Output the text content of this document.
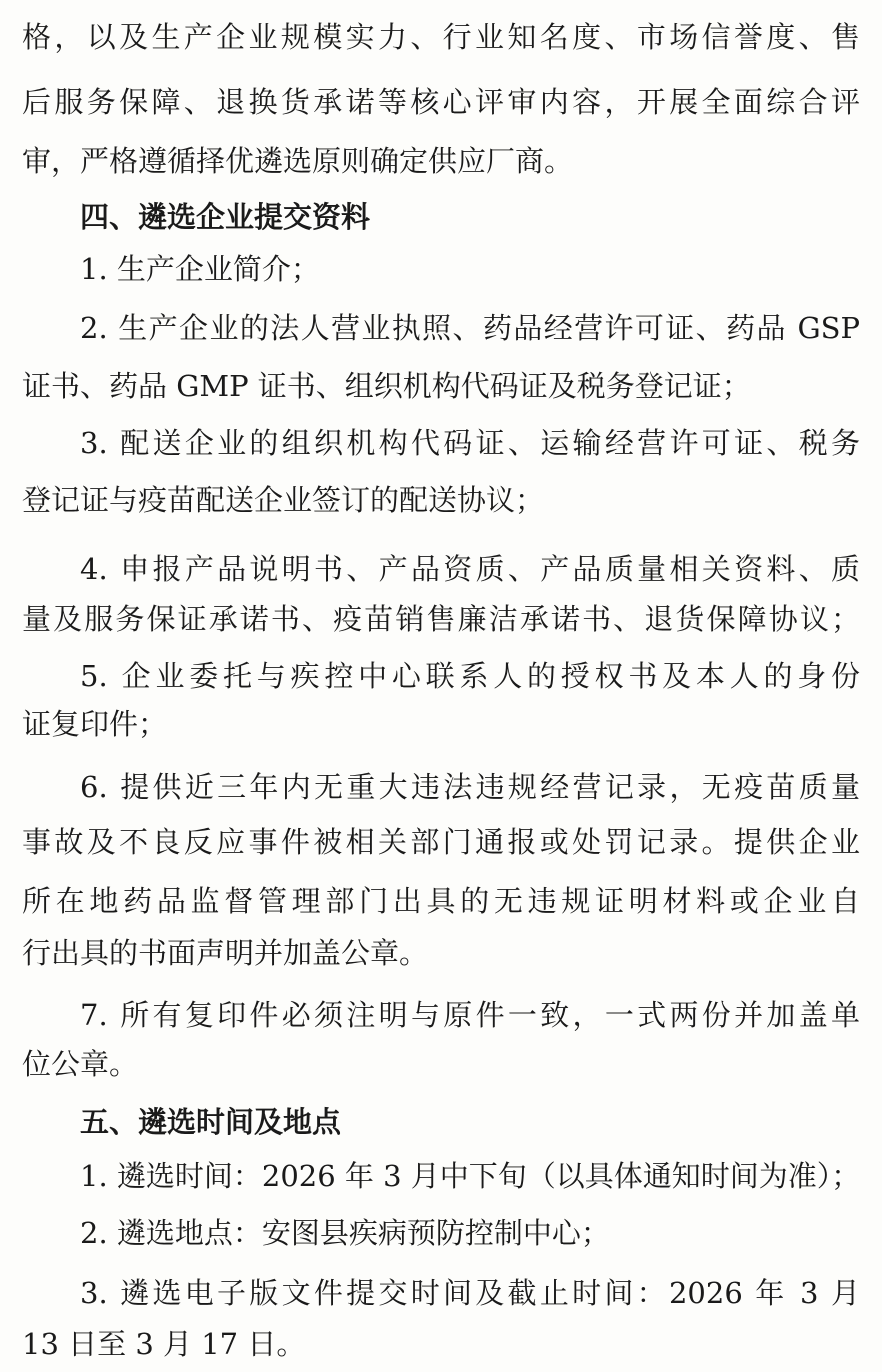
格，以及生产企业规模实力、行业知名度、市场信誉度、售
后服务保障、退换货承诺等核心评审内容，开展全面综合评
审，严格遵循择优遴选原则确定供应厂商。
四、遴选企业提交资料
1. 生产企业简介；
2. 生产企业的法人营业执照、药品经营许可证、药品 GSP
证书、药品 GMP 证书、组织机构代码证及税务登记证；
3. 配送企业的组织机构代码证、运输经营许可证、税务
登记证与疫苗配送企业签订的配送协议；
4. 申报产品说明书、产品资质、产品质量相关资料、质
量及服务保证承诺书、疫苗销售廉洁承诺书、退货保障协议；
5. 企业委托与疾控中心联系人的授权书及本人的身份
证复印件；
6. 提供近三年内无重大违法违规经营记录，无疫苗质量
事故及不良反应事件被相关部门通报或处罚记录。提供企业
所在地药品监督管理部门出具的无违规证明材料或企业自
行出具的书面声明并加盖公章。
7. 所有复印件必须注明与原件一致，一式两份并加盖单
位公章。
五、遴选时间及地点
1. 遴选时间：2026 年 3 月中下旬（以具体通知时间为准）；
2. 遴选地点：安图县疾病预防控制中心；
3. 遴选电子版文件提交时间及截止时间：2026 年 3 月
13 日至 3 月 17 日。
